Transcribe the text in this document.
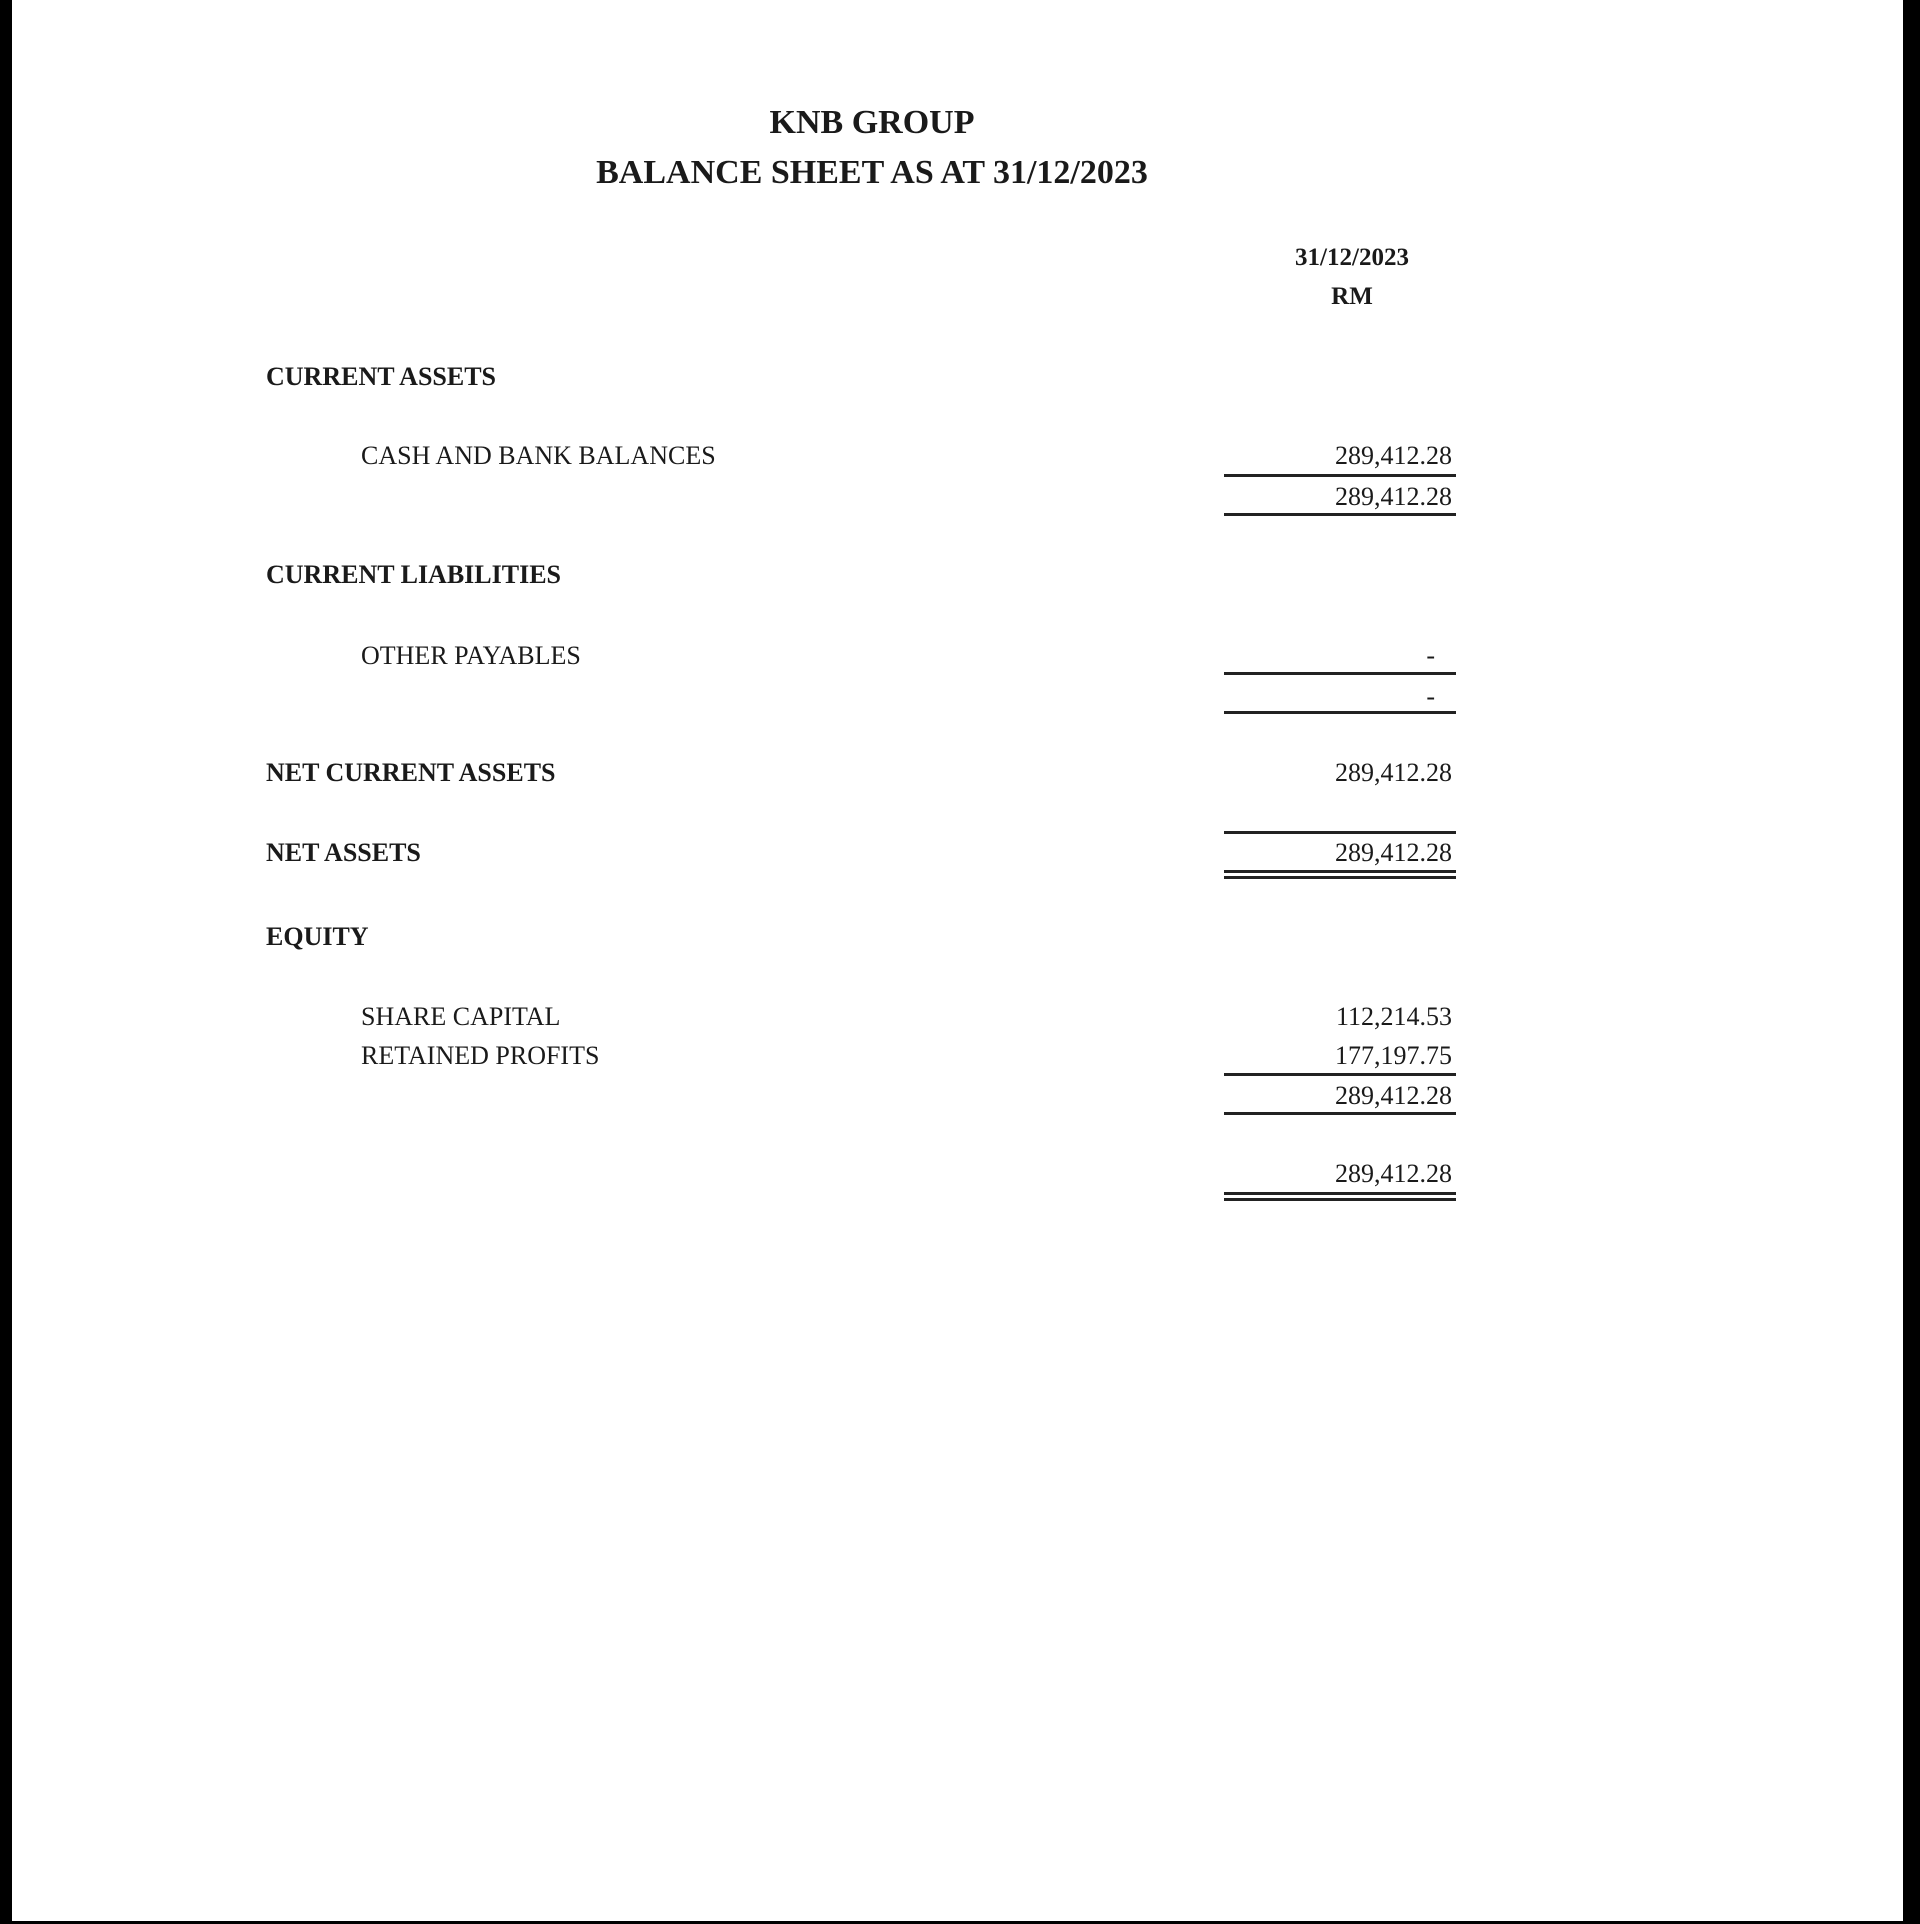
KNB GROUP
BALANCE SHEET AS AT 31/12/2023
31/12/2023
RM
CURRENT ASSETS
CASH AND BANK BALANCES	289,412.28
289,412.28
CURRENT LIABILITIES
OTHER PAYABLES	-
-
NET CURRENT ASSETS	289,412.28
NET ASSETS	289,412.28
EQUITY
SHARE CAPITAL	112,214.53
RETAINED PROFITS	177,197.75
289,412.28
289,412.28
